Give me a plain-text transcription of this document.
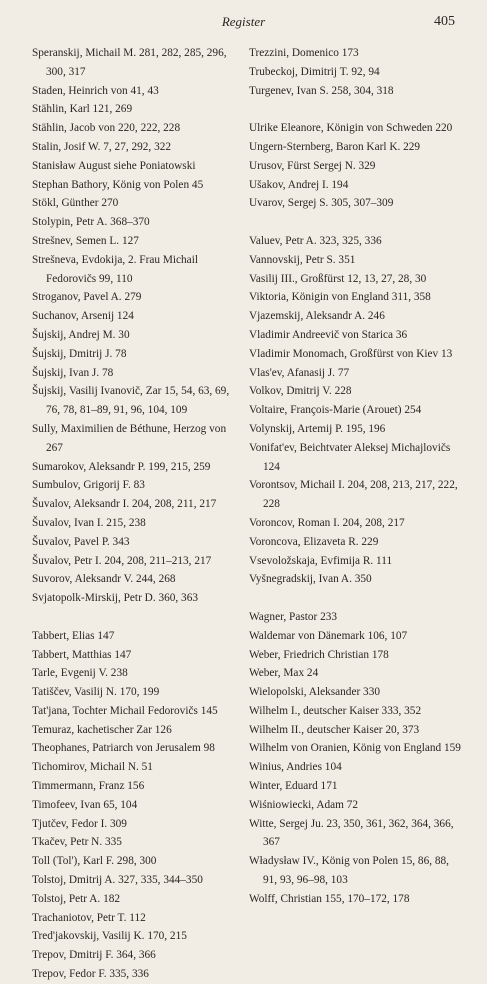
Register	405
Speranskij, Michail M. 281, 282, 285, 296, 300, 317
Staden, Heinrich von 41, 43
Stählin, Karl 121, 269
Stählin, Jacob von 220, 222, 228
Stalin, Josif W. 7, 27, 292, 322
Stanisław August siehe Poniatowski
Stephan Bathory, König von Polen 45
Stökl, Günther 270
Stolypin, Petr A. 368–370
Strešnev, Semen L. 127
Strešneva, Evdokija, 2. Frau Michail Fedorovičs 99, 110
Stroganov, Pavel A. 279
Suchanov, Arsenij 124
Šujskij, Andrej M. 30
Šujskij, Dmitrij J. 78
Šujskij, Ivan J. 78
Šujskij, Vasilij Ivanovič, Zar 15, 54, 63, 69, 76, 78, 81–89, 91, 96, 104, 109
Sully, Maximilien de Béthune, Herzog von 267
Sumarokov, Aleksandr P. 199, 215, 259
Sumbulov, Grigorij F. 83
Šuvalov, Aleksandr I. 204, 208, 211, 217
Šuvalov, Ivan I. 215, 238
Šuvalov, Pavel P. 343
Šuvalov, Petr I. 204, 208, 211–213, 217
Suvorov, Aleksandr V. 244, 268
Svjatopolk-Mirskij, Petr D. 360, 363
Tabbert, Elias 147
Tabbert, Matthias 147
Tarle, Evgenij V. 238
Tatiščev, Vasilij N. 170, 199
Tat'jana, Tochter Michail Fedorovičs 145
Temuraz, kachetischer Zar 126
Theophanes, Patriarch von Jerusalem 98
Tichomirov, Michail N. 51
Timmermann, Franz 156
Timofeev, Ivan 65, 104
Tjutčev, Fedor I. 309
Tkačev, Petr N. 335
Toll (Tol'), Karl F. 298, 300
Tolstoj, Dmitrij A. 327, 335, 344–350
Tolstoj, Petr A. 182
Trachaniotov, Petr T. 112
Tred'jakovskij, Vasilij K. 170, 215
Trepov, Dmitrij F. 364, 366
Trepov, Fedor F. 335, 336
Trezzini, Domenico 173
Trubeckoj, Dimitrij T. 92, 94
Turgenev, Ivan S. 258, 304, 318
Ulrike Eleanore, Königin von Schweden 220
Ungern-Sternberg, Baron Karl K. 229
Urusov, Fürst Sergej N. 329
Ušakov, Andrej I. 194
Uvarov, Sergej S. 305, 307–309
Valuev, Petr A. 323, 325, 336
Vannovskij, Petr S. 351
Vasilij III., Großfürst 12, 13, 27, 28, 30
Viktoria, Königin von England 311, 358
Vjazemskij, Aleksandr A. 246
Vladimir Andreevič von Starica 36
Vladimir Monomach, Großfürst von Kiev 13
Vlas'ev, Afanasij J. 77
Volkov, Dmitrij V. 228
Voltaire, François-Marie (Arouet) 254
Volynskij, Artemij P. 195, 196
Vonifat'ev, Beichtvater Aleksej Michajlovičs 124
Vorontsov, Michail I. 204, 208, 213, 217, 222, 228
Voroncov, Roman I. 204, 208, 217
Voroncova, Elizaveta R. 229
Vsevoložskaja, Evfimija R. 111
Vyšnegradskij, Ivan A. 350
Wagner, Pastor 233
Waldemar von Dänemark 106, 107
Weber, Friedrich Christian 178
Weber, Max 24
Wielopolski, Aleksander 330
Wilhelm I., deutscher Kaiser 333, 352
Wilhelm II., deutscher Kaiser 20, 373
Wilhelm von Oranien, König von England 159
Winius, Andries 104
Winter, Eduard 171
Wiśniowiecki, Adam 72
Witte, Sergej Ju. 23, 350, 361, 362, 364, 366, 367
Władysław IV., König von Polen 15, 86, 88, 91, 93, 96–98, 103
Wolff, Christian 155, 170–172, 178
